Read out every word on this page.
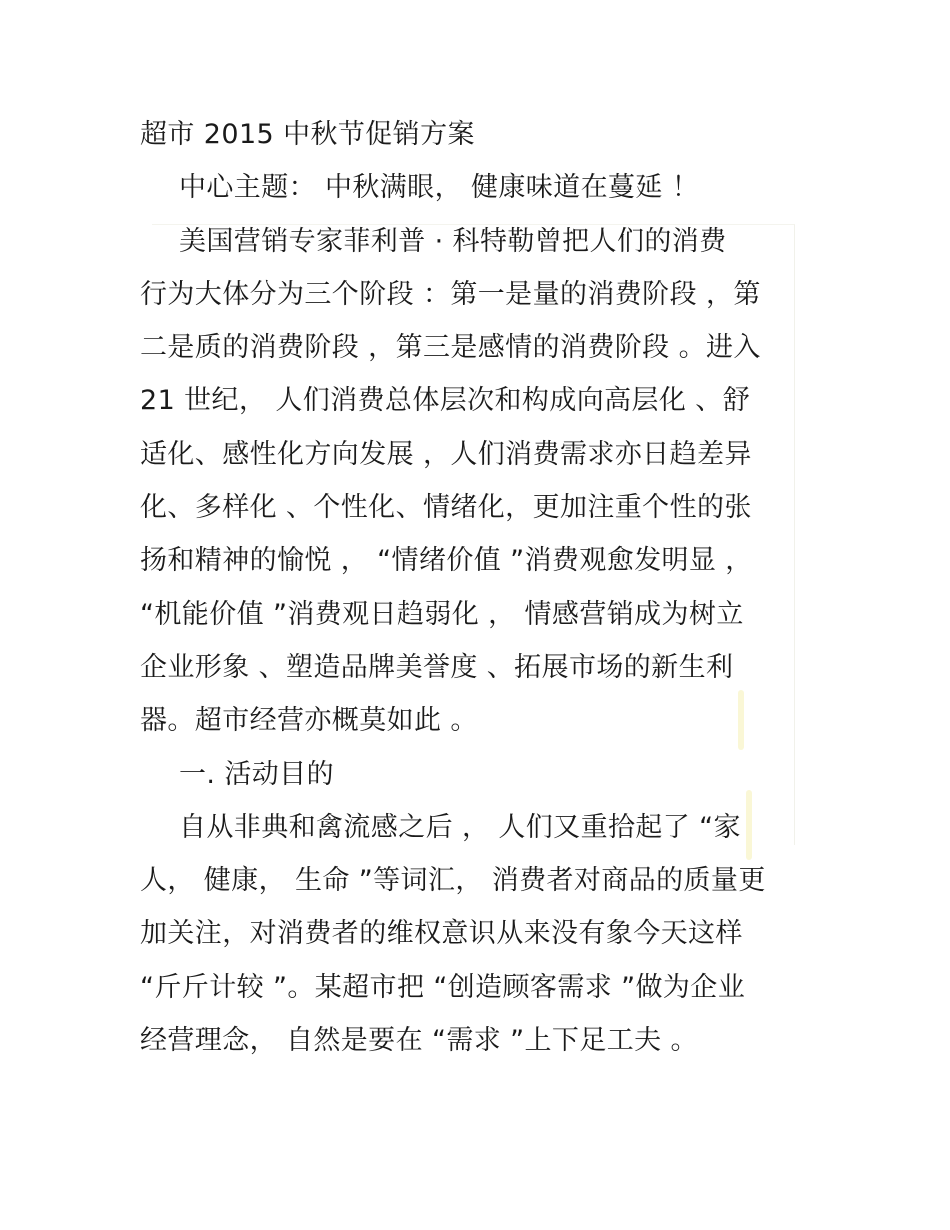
超市 2015 中秋节促销方案
中心主题： 中秋满眼， 健康味道在蔓延 ！
美国营销专家菲利普 · 科特勒曾把人们的消费
行为大体分为三个阶段 ：第一是量的消费阶段 ，第
二是质的消费阶段 ，第三是感情的消费阶段 。进入
21 世纪， 人们消费总体层次和构成向高层化 、舒
适化、感性化方向发展 ，人们消费需求亦日趋差异
化、多样化 、个性化、情绪化，更加注重个性的张
扬和精神的愉悦 ， “情绪价值 ”消费观愈发明显 ，
“机能价值 ”消费观日趋弱化 ， 情感营销成为树立
企业形象 、塑造品牌美誉度 、拓展市场的新生利
器。超市经营亦概莫如此 。
一. 活动目的
自从非典和禽流感之后 ， 人们又重拾起了 “家
人， 健康， 生命 ”等词汇， 消费者对商品的质量更
加关注，对消费者的维权意识从来没有象今天这样
“斤斤计较 ”。某超市把 “创造顾客需求 ”做为企业
经营理念， 自然是要在 “需求 ”上下足工夫 。
